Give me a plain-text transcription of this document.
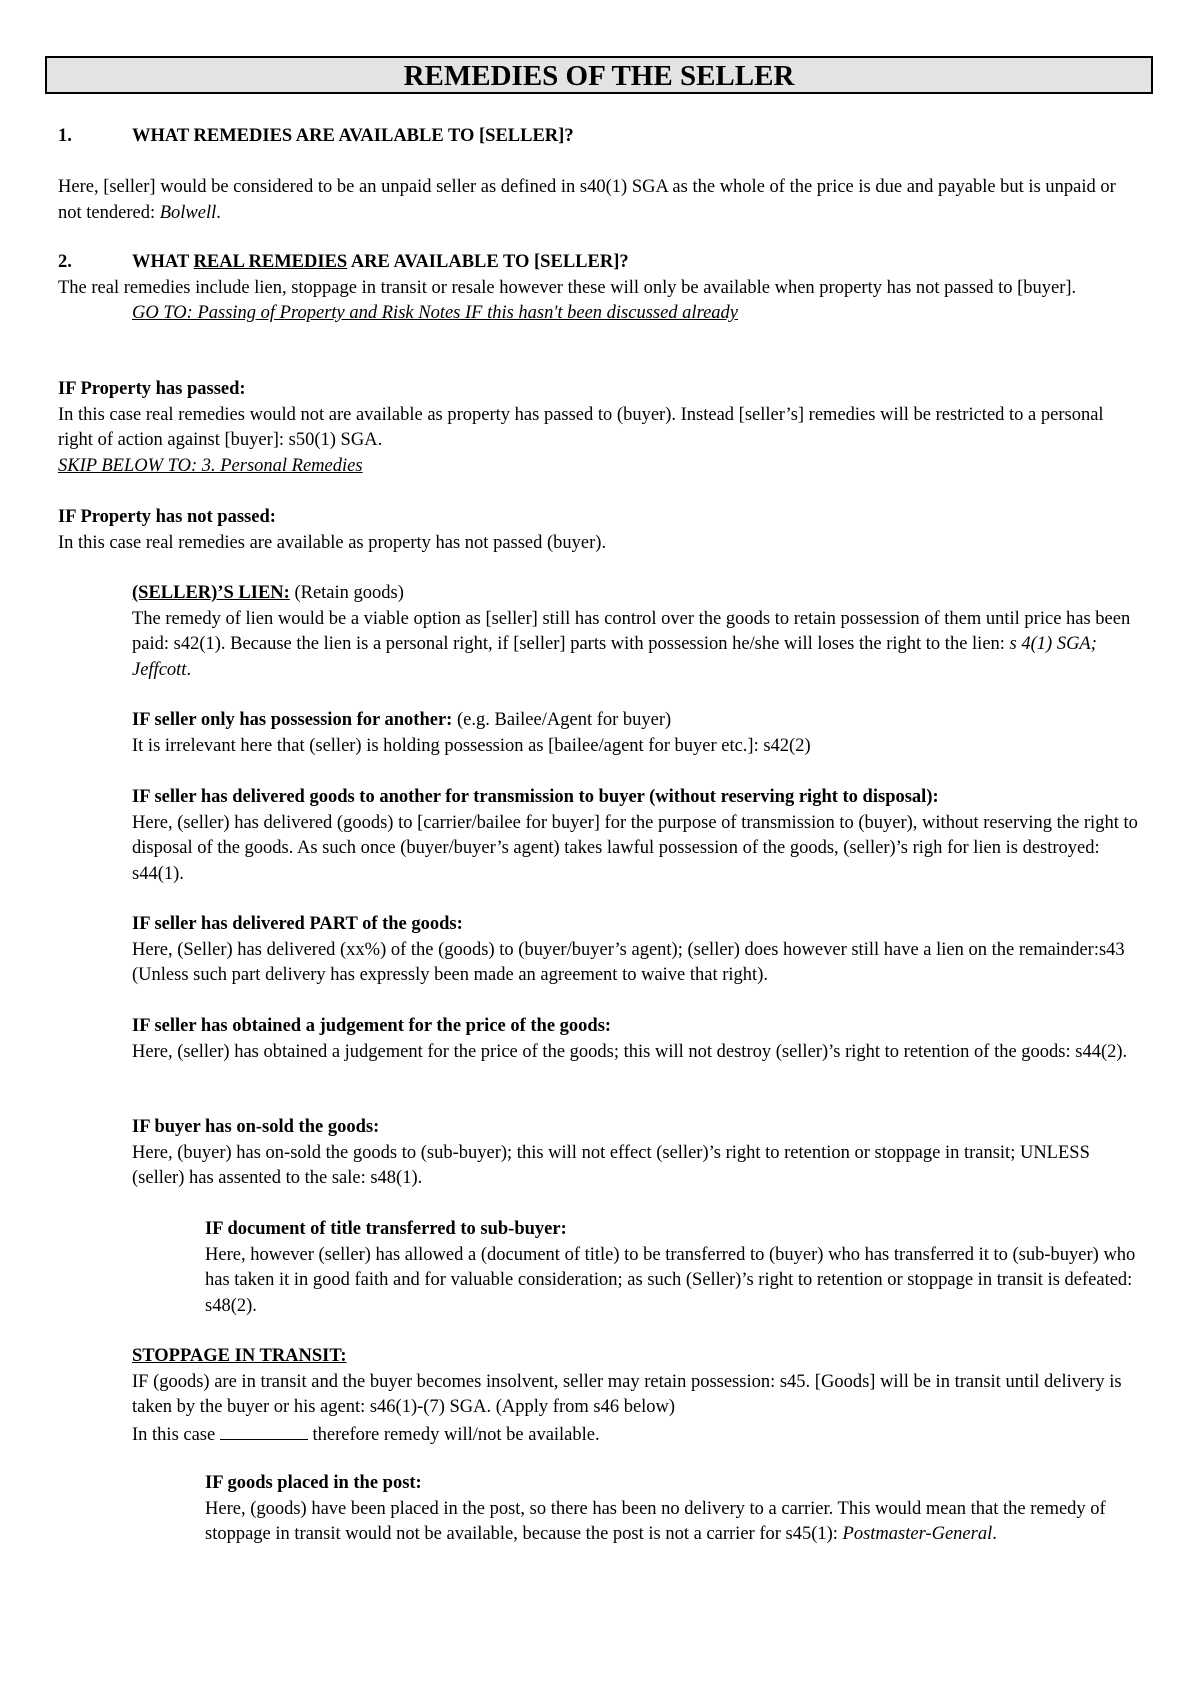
REMEDIES OF THE SELLER

1.	WHAT REMEDIES ARE AVAILABLE TO [SELLER]?

Here, [seller] would be considered to be an unpaid seller as defined in s40(1) SGA as the whole of the price is due and payable but is unpaid or not tendered: Bolwell.

2.	WHAT REAL REMEDIES ARE AVAILABLE TO [SELLER]?

The real remedies include lien, stoppage in transit or resale however these will only be available when property has not passed to [buyer].

GO TO: Passing of Property and Risk Notes IF this hasn't been discussed already

IF Property has passed:

In this case real remedies would not are available as property has passed to (buyer). Instead [seller’s] remedies will be restricted to a personal right of action against [buyer]: s50(1) SGA.

SKIP BELOW TO: 3. Personal Remedies

IF Property has not passed:

In this case real remedies are available as property has not passed (buyer).

(SELLER)’S LIEN: (Retain goods)

The remedy of lien would be a viable option as [seller] still has control over the goods to retain possession of them until price has been paid: s42(1). Because the lien is a personal right, if [seller] parts with possession he/she will loses the right to the lien: s 4(1) SGA; Jeffcott.

IF seller only has possession for another: (e.g. Bailee/Agent for buyer)

It is irrelevant here that (seller) is holding possession as [bailee/agent for buyer etc.]: s42(2)

IF seller has delivered goods to another for transmission to buyer (without reserving right to disposal):

Here, (seller) has delivered (goods) to [carrier/bailee for buyer] for the purpose of transmission to (buyer), without reserving the right to disposal of the goods. As such once (buyer/buyer’s agent) takes lawful possession of the goods, (seller)’s righ for lien is destroyed: s44(1).

IF seller has delivered PART of the goods:

Here, (Seller) has delivered (xx%) of the (goods) to (buyer/buyer’s agent); (seller) does however still have a lien on the remainder:s43 (Unless such part delivery has expressly been made an agreement to waive that right).

IF seller has obtained a judgement for the price of the goods:

Here, (seller) has obtained a judgement for the price of the goods; this will not destroy (seller)’s right to retention of the goods: s44(2).

IF buyer has on-sold the goods:

Here, (buyer) has on-sold the goods to (sub-buyer); this will not effect (seller)’s right to retention or stoppage in transit; UNLESS (seller) has assented to the sale: s48(1).

IF document of title transferred to sub-buyer:

Here, however (seller) has allowed a (document of title) to be transferred to (buyer) who has transferred it to (sub-buyer) who has taken it in good faith and for valuable consideration; as such (Seller)’s right to retention or stoppage in transit is defeated: s48(2).

STOPPAGE IN TRANSIT:

IF (goods) are in transit and the buyer becomes insolvent, seller may retain possession: s45. [Goods] will be in transit until delivery is taken by the buyer or his agent: s46(1)-(7) SGA. (Apply from s46 below)

In this case	therefore remedy will/not be available.

IF goods placed in the post:

Here, (goods) have been placed in the post, so there has been no delivery to a carrier. This would mean that the remedy of stoppage in transit would not be available, because the post is not a carrier for s45(1): Postmaster-General.
